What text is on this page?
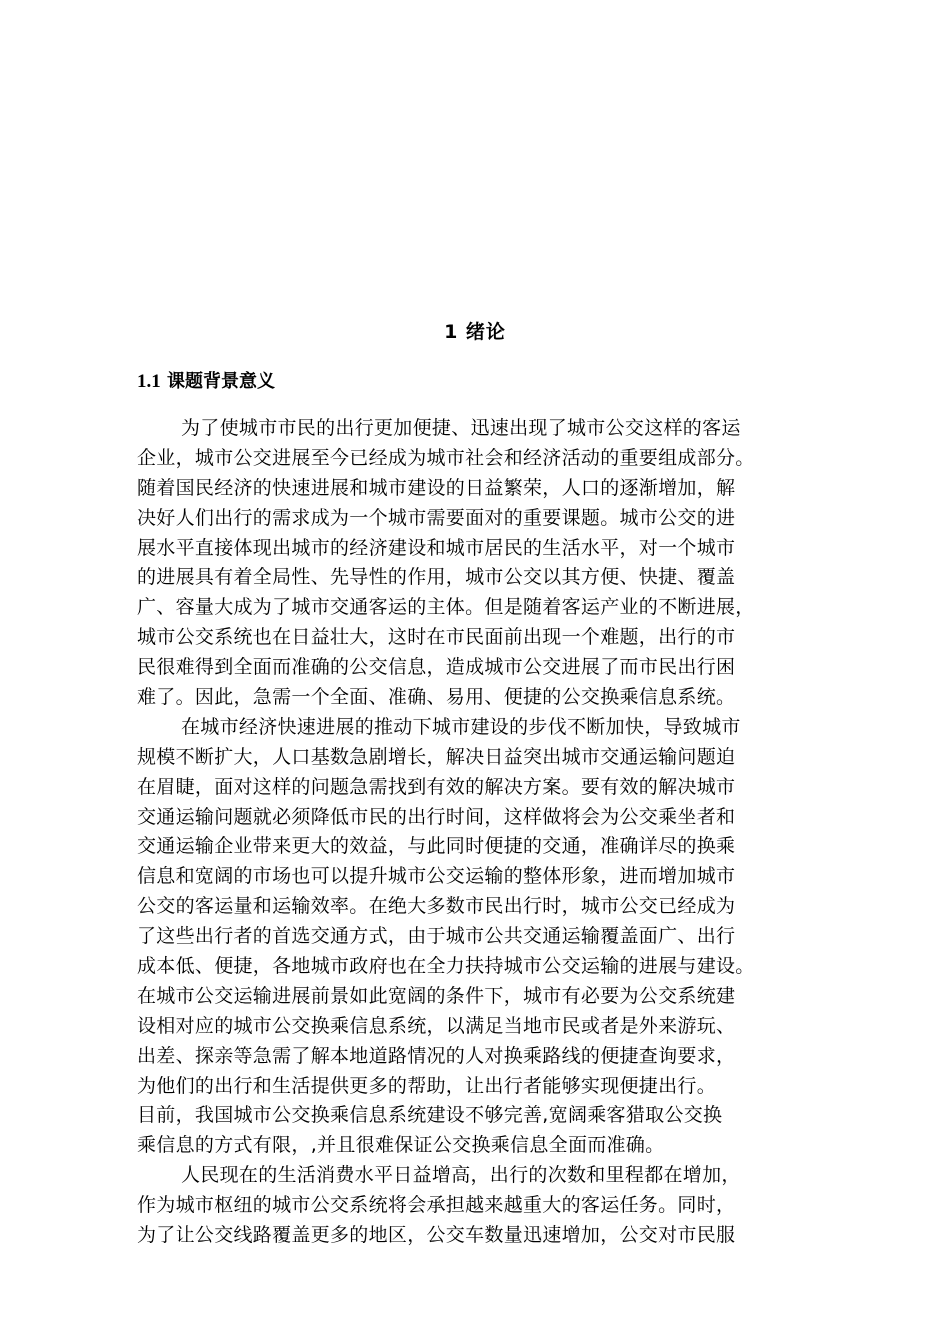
1 绪论
1.1 课题背景意义
为了使城市市民的出行更加便捷、迅速出现了城市公交这样的客运
企业，城市公交进展至今已经成为城市社会和经济活动的重要组成部分。
随着国民经济的快速进展和城市建设的日益繁荣，人口的逐渐增加，解
决好人们出行的需求成为一个城市需要面对的重要课题。城市公交的进
展水平直接体现出城市的经济建设和城市居民的生活水平，对一个城市
的进展具有着全局性、先导性的作用，城市公交以其方便、快捷、覆盖
广、容量大成为了城市交通客运的主体。但是随着客运产业的不断进展，
城市公交系统也在日益壮大，这时在市民面前出现一个难题，出行的市
民很难得到全面而准确的公交信息，造成城市公交进展了而市民出行困
难了。因此，急需一个全面、准确、易用、便捷的公交换乘信息系统。
在城市经济快速进展的推动下城市建设的步伐不断加快，导致城市
规模不断扩大，人口基数急剧增长，解决日益突出城市交通运输问题迫
在眉睫，面对这样的问题急需找到有效的解决方案。要有效的解决城市
交通运输问题就必须降低市民的出行时间，这样做将会为公交乘坐者和
交通运输企业带来更大的效益，与此同时便捷的交通，准确详尽的换乘
信息和宽阔的市场也可以提升城市公交运输的整体形象，进而增加城市
公交的客运量和运输效率。在绝大多数市民出行时，城市公交已经成为
了这些出行者的首选交通方式，由于城市公共交通运输覆盖面广、出行
成本低、便捷，各地城市政府也在全力扶持城市公交运输的进展与建设。
在城市公交运输进展前景如此宽阔的条件下，城市有必要为公交系统建
设相对应的城市公交换乘信息系统，以满足当地市民或者是外来游玩、
出差、探亲等急需了解本地道路情况的人对换乘路线的便捷查询要求，
为他们的出行和生活提供更多的帮助，让出行者能够实现便捷出行。
目前，我国城市公交换乘信息系统建设不够完善,宽阔乘客猎取公交换
乘信息的方式有限，,并且很难保证公交换乘信息全面而准确。
人民现在的生活消费水平日益增高，出行的次数和里程都在增加，
作为城市枢纽的城市公交系统将会承担越来越重大的客运任务。同时，
为了让公交线路覆盖更多的地区，公交车数量迅速增加，公交对市民服
